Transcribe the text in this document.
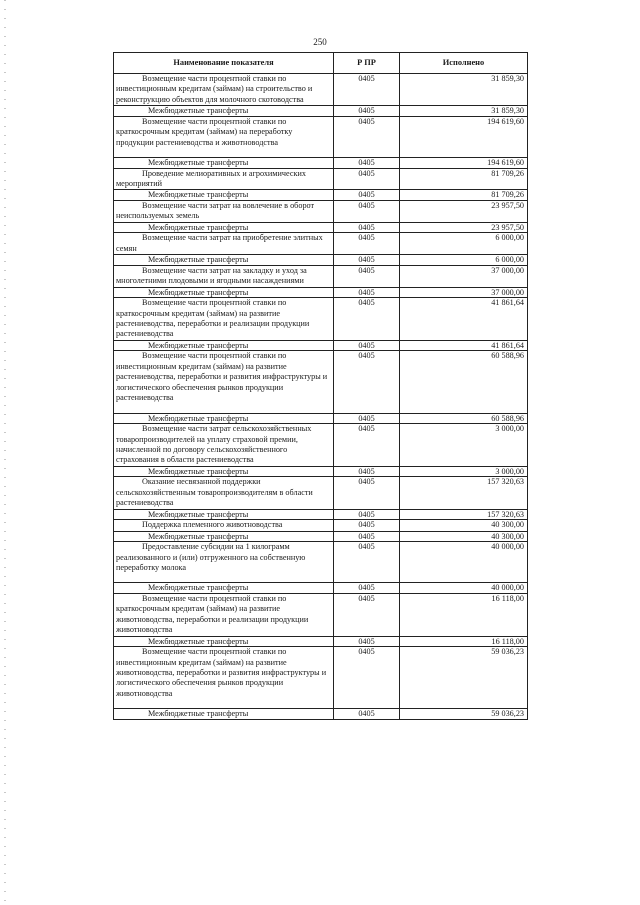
250
Наименование показателя	Р ПР	Исполнено
Возмещение части процентной ставки по инвестиционным кредитам (займам) на строительство и реконструкцию объектов для молочного скотоводства	0405	31 859,30
Межбюджетные трансферты	0405	31 859,30
Возмещение части процентной ставки по краткосрочным кредитам (займам) на переработку продукции растениеводства и животноводства	0405	194 619,60
Межбюджетные трансферты	0405	194 619,60
Проведение мелиоративных и агрохимических мероприятий	0405	81 709,26
Межбюджетные трансферты	0405	81 709,26
Возмещение части затрат на вовлечение в оборот неиспользуемых земель	0405	23 957,50
Межбюджетные трансферты	0405	23 957,50
Возмещение части затрат на приобретение элитных семян	0405	6 000,00
Межбюджетные трансферты	0405	6 000,00
Возмещение части затрат на закладку и уход за многолетними плодовыми и ягодными насаждениями	0405	37 000,00
Межбюджетные трансферты	0405	37 000,00
Возмещение части процентной ставки по краткосрочным кредитам (займам) на развитие растениеводства, переработки и реализации продукции растениеводства	0405	41 861,64
Межбюджетные трансферты	0405	41 861,64
Возмещение части процентной ставки по инвестиционным кредитам (займам) на развитие растениеводства, переработки и развития инфраструктуры и логистического обеспечения рынков продукции растениеводства	0405	60 588,96
Межбюджетные трансферты	0405	60 588,96
Возмещение части затрат сельскохозяйственных товаропроизводителей на уплату страховой премии, начисленной по договору сельскохозяйственного страхования в области растениеводства	0405	3 000,00
Межбюджетные трансферты	0405	3 000,00
Оказание несвязанной поддержки сельскохозяйственным товаропроизводителям в области растениеводства	0405	157 320,63
Межбюджетные трансферты	0405	157 320,63
Поддержка племенного животноводства	0405	40 300,00
Межбюджетные трансферты	0405	40 300,00
Предоставление субсидии на 1 килограмм реализованного и (или) отгруженного на собственную переработку молока	0405	40 000,00
Межбюджетные трансферты	0405	40 000,00
Возмещение части процентной ставки по краткосрочным кредитам (займам) на развитие животноводства, переработки и реализации продукции животноводства	0405	16 118,00
Межбюджетные трансферты	0405	16 118,00
Возмещение части процентной ставки по инвестиционным кредитам (займам) на развитие животноводства, переработки и развития инфраструктуры и логистического обеспечения рынков продукции животноводства	0405	59 036,23
Межбюджетные трансферты	0405	59 036,23
